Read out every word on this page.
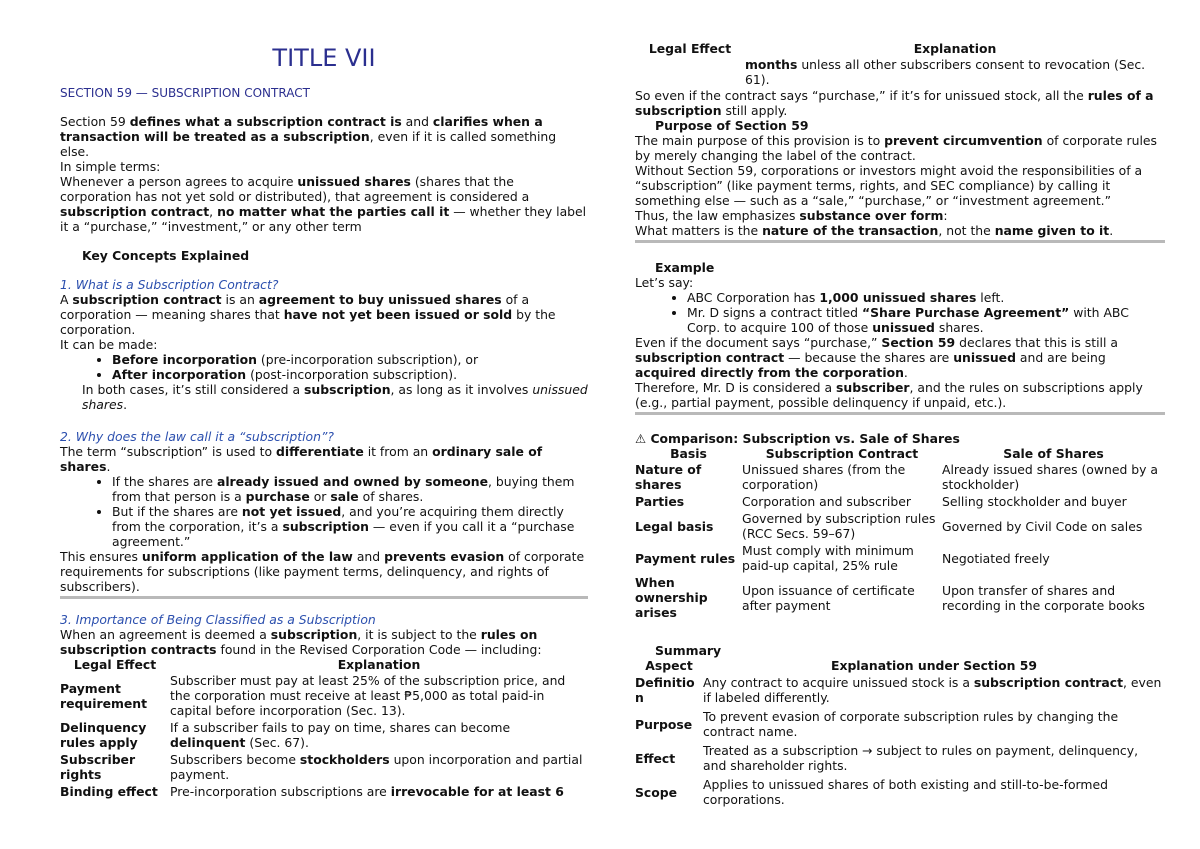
TITLE VII
SECTION 59 — SUBSCRIPTION CONTRACT

Section 59 defines what a subscription contract is and clarifies when a transaction will be treated as a subscription, even if it is called something else.

In simple terms:

Whenever a person agrees to acquire unissued shares (shares that the corporation has not yet sold or distributed), that agreement is considered a subscription contract, no matter what the parties call it — whether they label it a “purchase,” “investment,” or any other term

Key Concepts Explained

1. What is a Subscription Contract?

A subscription contract is an agreement to buy unissued shares of a corporation — meaning shares that have not yet been issued or sold by the corporation.

It can be made:

• Before incorporation (pre-incorporation subscription), or
• After incorporation (post-incorporation subscription).

In both cases, it’s still considered a subscription, as long as it involves unissued shares.

2. Why does the law call it a “subscription”?

The term “subscription” is used to differentiate it from an ordinary sale of shares.

• If the shares are already issued and owned by someone, buying them from that person is a purchase or sale of shares.
• But if the shares are not yet issued, and you’re acquiring them directly from the corporation, it’s a subscription — even if you call it a “purchase agreement.”

This ensures uniform application of the law and prevents evasion of corporate requirements for subscriptions (like payment terms, delinquency, and rights of subscribers).

3. Importance of Being Classified as a Subscription

When an agreement is deemed a subscription, it is subject to the rules on subscription contracts found in the Revised Corporation Code — including:

Legal Effect	Explanation
Payment requirement	Subscriber must pay at least 25% of the subscription price, and the corporation must receive at least ₱5,000 as total paid-in capital before incorporation (Sec. 13).
Delinquency rules apply	If a subscriber fails to pay on time, shares can become delinquent (Sec. 67).
Subscriber rights	Subscribers become stockholders upon incorporation and partial payment.
Binding effect	Pre-incorporation subscriptions are irrevocable for at least 6
Legal Effect	Explanation
	months unless all other subscribers consent to revocation (Sec. 61).

So even if the contract says “purchase,” if it’s for unissued stock, all the rules of a subscription still apply.

Purpose of Section 59

The main purpose of this provision is to prevent circumvention of corporate rules by merely changing the label of the contract.

Without Section 59, corporations or investors might avoid the responsibilities of a “subscription” (like payment terms, rights, and SEC compliance) by calling it something else — such as a “sale,” “purchase,” or “investment agreement.”

Thus, the law emphasizes substance over form:

What matters is the nature of the transaction, not the name given to it.

Example

Let’s say:

• ABC Corporation has 1,000 unissued shares left.
• Mr. D signs a contract titled “Share Purchase Agreement” with ABC Corp. to acquire 100 of those unissued shares.

Even if the document says “purchase,” Section 59 declares that this is still a subscription contract — because the shares are unissued and are being acquired directly from the corporation.

Therefore, Mr. D is considered a subscriber, and the rules on subscriptions apply (e.g., partial payment, possible delinquency if unpaid, etc.).

⚠ Comparison: Subscription vs. Sale of Shares

Basis	Subscription Contract	Sale of Shares
Nature of shares	Unissued shares (from the corporation)	Already issued shares (owned by a stockholder)
Parties	Corporation and subscriber	Selling stockholder and buyer
Legal basis	Governed by subscription rules (RCC Secs. 59–67)	Governed by Civil Code on sales
Payment rules	Must comply with minimum paid-up capital, 25% rule	Negotiated freely
When ownership arises	Upon issuance of certificate after payment	Upon transfer of shares and recording in the corporate books

Summary

Aspect	Explanation under Section 59
Definition	Any contract to acquire unissued stock is a subscription contract, even if labeled differently.
Purpose	To prevent evasion of corporate subscription rules by changing the contract name.
Effect	Treated as a subscription → subject to rules on payment, delinquency, and shareholder rights.
Scope	Applies to unissued shares of both existing and still-to-be-formed corporations.
